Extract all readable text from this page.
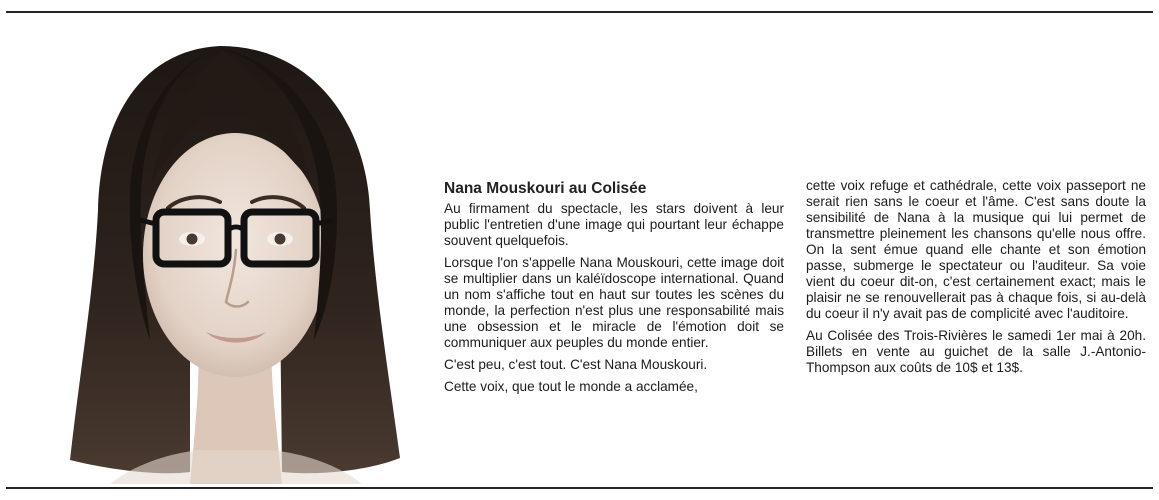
Nana Mouskouri au Colisée

Au firmament du spectacle, les stars doivent à leur public l'entretien d'une image qui pourtant leur échappe souvent quelquefois.

Lorsque l'on s'appelle Nana Mouskouri, cette image doit se multiplier dans un kaléïdoscope international. Quand un nom s'affiche tout en haut sur toutes les scènes du monde, la perfection n'est plus une responsabilité mais une obsession et le miracle de l'émotion doit se communiquer aux peuples du monde entier.

C'est peu, c'est tout. C'est Nana Mouskouri.

Cette voix, que tout le monde a acclamée,

cette voix refuge et cathédrale, cette voix passeport ne serait rien sans le coeur et l'âme. C'est sans doute la sensibilité de Nana à la musique qui lui permet de transmettre pleinement les chansons qu'elle nous offre. On la sent émue quand elle chante et son émotion passe, submerge le spectateur ou l'auditeur. Sa voie vient du coeur dit-on, c'est certainement exact; mais le plaisir ne se renouvellerait pas à chaque fois, si au-delà du coeur il n'y avait pas de complicité avec l'auditoire.

Au Colisée des Trois-Rivières le samedi 1er mai à 20h. Billets en vente au guichet de la salle J.-Antonio-Thompson aux coûts de 10$ et 13$.
